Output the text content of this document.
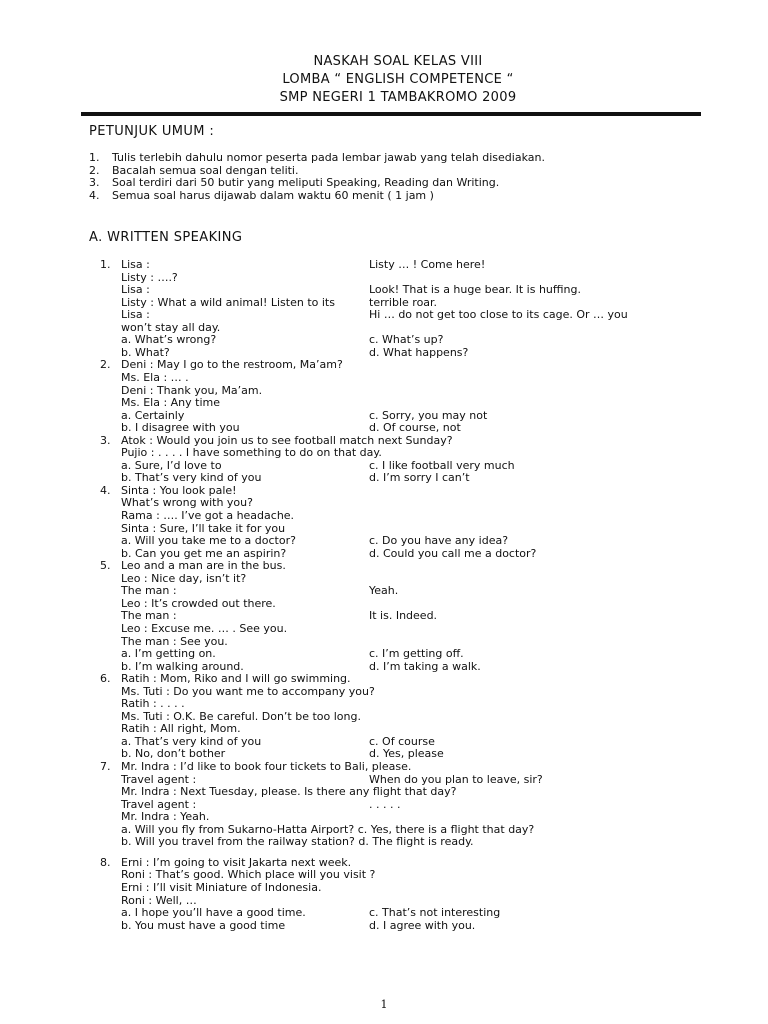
NASKAH SOAL KELAS VIII
LOMBA “ ENGLISH COMPETENCE “
SMP NEGERI 1 TAMBAKROMO 2009
PETUNJUK UMUM :
1. Tulis terlebih dahulu nomor peserta pada lembar jawab yang telah disediakan.
2. Bacalah semua soal dengan teliti.
3. Soal terdiri dari 50 butir yang meliputi Speaking, Reading dan Writing.
4. Semua soal harus dijawab dalam waktu 60 menit ( 1 jam )
A. WRITTEN SPEAKING
1. Lisa :	Listy … ! Come here!
Listy : ….?
Lisa :	Look! That is a huge bear. It is huffing.
Listy : What a wild animal! Listen to its	terrible roar.
Lisa :	Hi … do not get too close to its cage. Or … you
won’t stay all day.
a. What’s wrong?	c. What’s up?
b. What?	d. What happens?
2. Deni : May I go to the restroom, Ma’am?
Ms. Ela : … .
Deni : Thank you, Ma’am.
Ms. Ela : Any time
a. Certainly	c. Sorry, you may not
b. I disagree with you	d. Of course, not
3. Atok : Would you join us to see football match next Sunday?
Pujio : . . . . I have something to do on that day.
a. Sure, I’d love to	c. I like football very much
b. That’s very kind of you	d. I’m sorry I can’t
4. Sinta : You look pale!
What’s wrong with you?
Rama : …. I’ve got a headache.
Sinta : Sure, I’ll take it for you
a. Will you take me to a doctor?	c. Do you have any idea?
b. Can you get me an aspirin?	d. Could you call me a doctor?
5. Leo and a man are in the bus.
Leo : Nice day, isn’t it?
The man :	Yeah.
Leo : It’s crowded out there.
The man :	It is. Indeed.
Leo : Excuse me. … . See you.
The man : See you.
a. I’m getting on.	c. I’m getting off.
b. I’m walking around.	d. I’m taking a walk.
6. Ratih : Mom, Riko and I will go swimming.
Ms. Tuti : Do you want me to accompany you?
Ratih : . . . .
Ms. Tuti : O.K. Be careful. Don’t be too long.
Ratih : All right, Mom.
a. That’s very kind of you	c. Of course
b. No, don’t bother	d. Yes, please
7. Mr. Indra : I’d like to book four tickets to Bali, please.
Travel agent :	When do you plan to leave, sir?
Mr. Indra : Next Tuesday, please. Is there any flight that day?
Travel agent :	. . . . .
Mr. Indra : Yeah.
a. Will you fly from Sukarno-Hatta Airport? c. Yes, there is a flight that day?
b. Will you travel from the railway station? d. The flight is ready.
8. Erni : I’m going to visit Jakarta next week.
Roni : That’s good. Which place will you visit ?
Erni : I’ll visit Miniature of Indonesia.
Roni : Well, …
a. I hope you’ll have a good time.	c. That’s not interesting
b. You must have a good time	d. I agree with you.
1
